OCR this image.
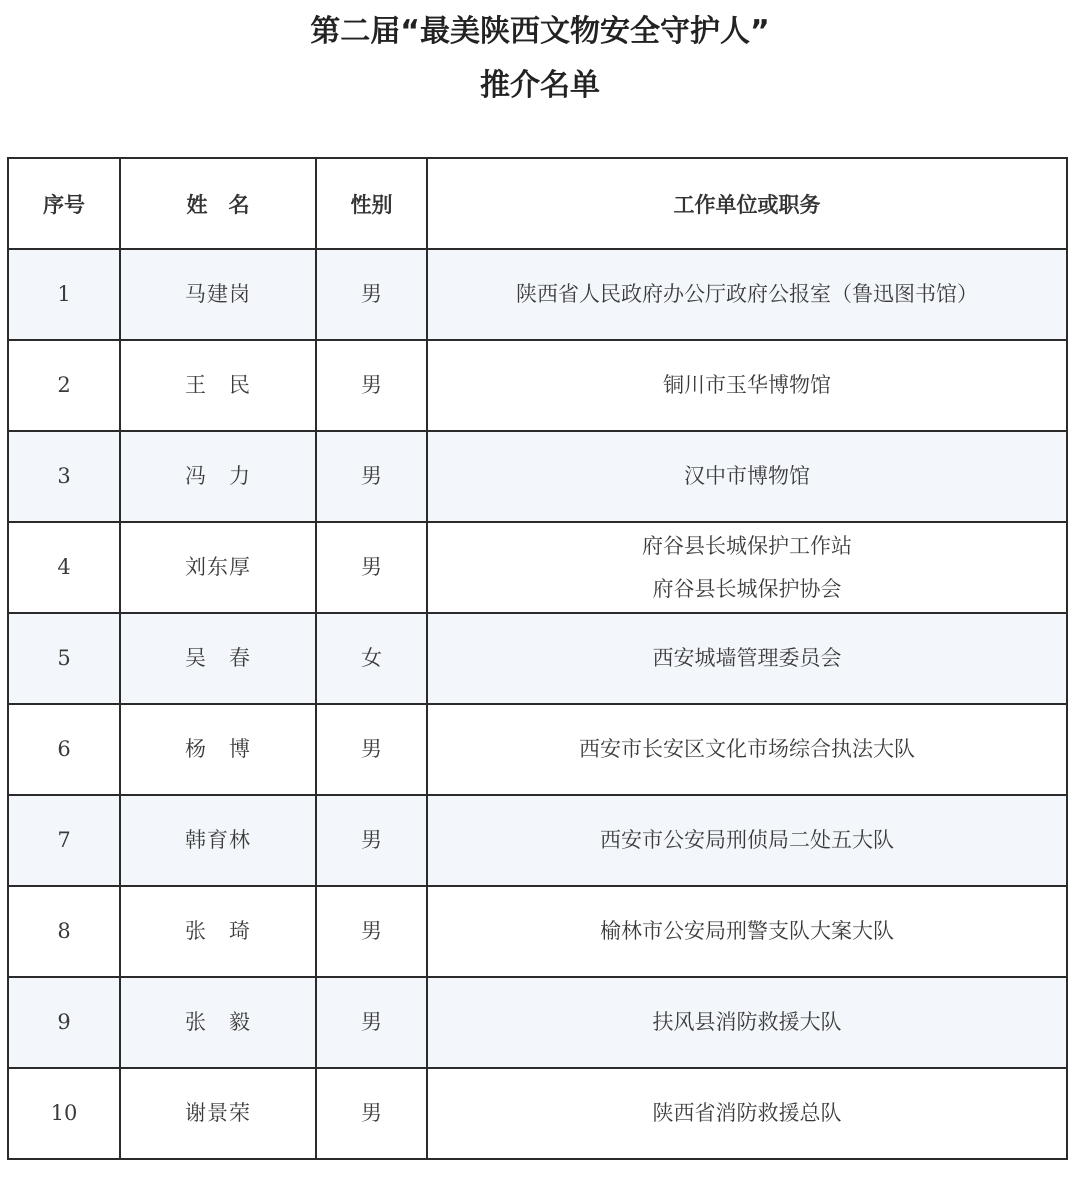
第二届“最美陕西文物安全守护人”
推介名单
序号	姓　名	性别	工作单位或职务
1	马建岗	男	陕西省人民政府办公厅政府公报室（鲁迅图书馆）

2	王　民	男	铜川市玉华博物馆

3	冯　力	男	汉中市博物馆

4	刘东厚	男	府谷县长城保护工作站
府谷县长城保护协会

5	吴　春	女	西安城墙管理委员会

6	杨　博	男	西安市长安区文化市场综合执法大队

7	韩育林	男	西安市公安局刑侦局二处五大队

8	张　琦	男	榆林市公安局刑警支队大案大队

9	张　毅	男	扶风县消防救援大队

10	谢景荣	男	陕西省消防救援总队
